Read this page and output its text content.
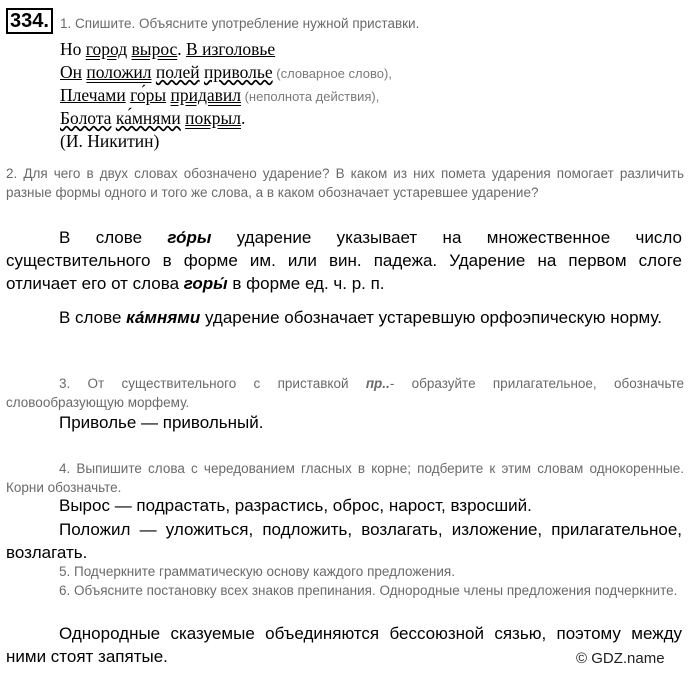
334. 1. Спишите. Объясните употребление нужной приставки.
Но город вырос. В изголовье
Он положил полей приволье (словарное слово),
Плечами го́ры придавил (неполнота действия),
Болота ка́мнями покрыл.
(И. Никитин)
2. Для чего в двух словах обозначено ударение? В каком из них помета ударения помогает различить разные формы одного и того же слова, а в каком обозначает устаревшее ударение?
В слове го́ры ударение указывает на множественное число существительного в форме им. или вин. падежа. Ударение на первом слоге отличает его от слова горы́ в форме ед. ч. р. п.
В слове ка́мнями ударение обозначает устаревшую орфоэпическую норму.
3. От существительного с приставкой пр..- образуйте прилагательное, обозначьте словообразующую морфему.
Приволье — привольный.
4. Выпишите слова с чередованием гласных в корне; подберите к этим словам однокоренные. Корни обозначьте.
Вырос — подрастать, разрастись, оброс, нарост, взросший.
Положил — уложиться, подложить, возлагать, изложение, прилагательное, возлагать.
5. Подчеркните грамматическую основу каждого предложения.
6. Объясните постановку всех знаков препинания. Однородные члены предложения подчеркните.
Однородные сказуемые объединяются бессоюзной сязью, поэтому между ними стоят запятые.	© GDZ.name
